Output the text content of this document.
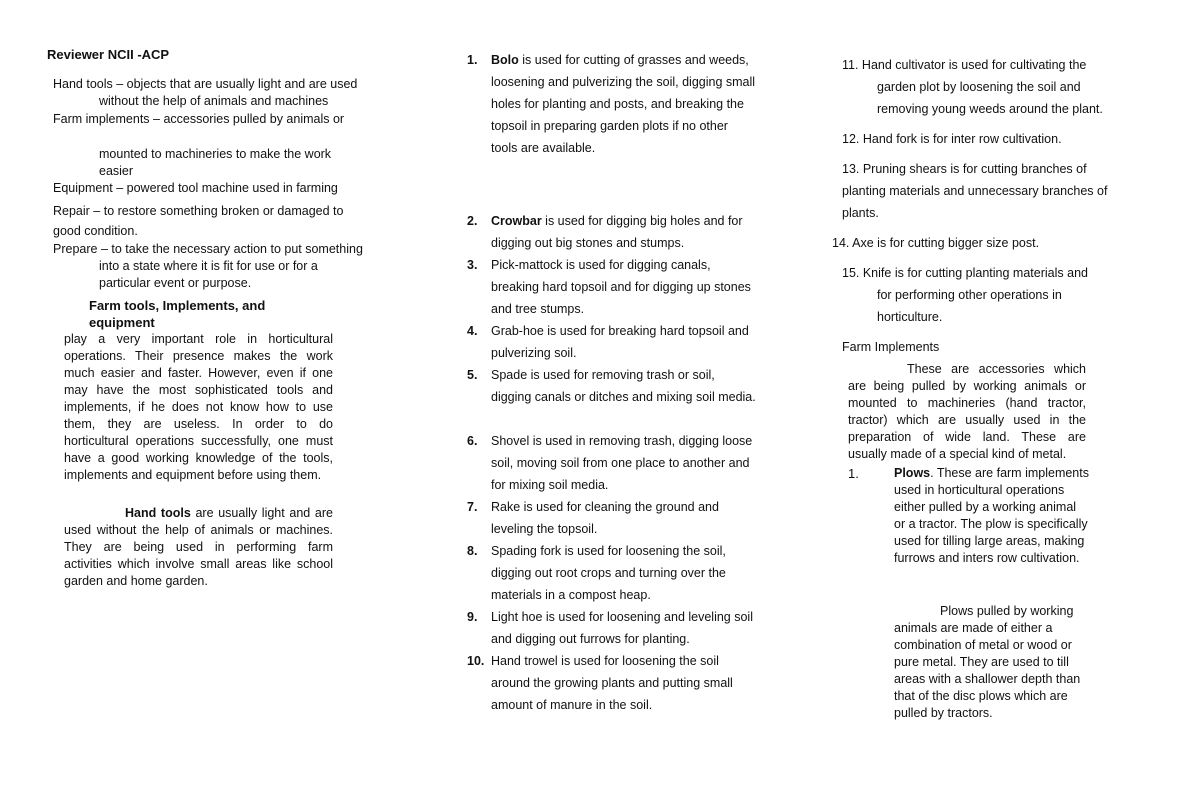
Reviewer NCII -ACP
Hand tools – objects that are usually light and are used
without the help of animals and machines
Farm implements – accessories pulled by animals or
mounted to machineries to make the work easier
Equipment – powered tool machine used in farming
Repair – to restore something broken or damaged to good condition.
Prepare – to take the necessary action to put something
into a state where it is fit for use or for a particular event or purpose.
Farm tools, Implements, and equipment
play a very important role in horticultural operations. Their presence makes the work much easier and faster. However, even if one may have the most sophisticated tools and implements, if he does not know how to use them, they are useless. In order to do horticultural operations successfully, one must have a good working knowledge of the tools, implements and equipment before using them.
Hand tools are usually light and are used without the help of animals or machines. They are being used in performing farm activities which involve small areas like school garden and home garden.
1.	Bolo is used for cutting of grasses and weeds, loosening and pulverizing the soil, digging small holes for planting and posts, and breaking the topsoil in preparing garden plots if no other tools are available.
2.	Crowbar is used for digging big holes and for digging out big stones and stumps.
3.	Pick-mattock is used for digging canals, breaking hard topsoil and for digging up stones and tree stumps.
4.	Grab-hoe is used for breaking hard topsoil and pulverizing soil.
5.	Spade is used for removing trash or soil, digging canals or ditches and mixing soil media.
6.	Shovel is used in removing trash, digging loose soil, moving soil from one place to another and for mixing soil media.
7.	Rake is used for cleaning the ground and leveling the topsoil.
8.	Spading fork is used for loosening the soil, digging out root crops and turning over the materials in a compost heap.
9.	Light hoe is used for loosening and leveling soil and digging out furrows for planting.
10. Hand trowel is used for loosening the soil around the growing plants and putting small amount of manure in the soil.
11. Hand cultivator is used for cultivating the
garden plot by loosening the soil and removing young weeds around the plant.
12. Hand fork is for inter row cultivation.
13. Pruning shears is for cutting branches of planting materials and unnecessary branches of plants.
14. Axe is for cutting bigger size post.
15. Knife is for cutting planting materials and
for performing other operations in horticulture.
Farm Implements
These are accessories which are being pulled by working animals or mounted to machineries (hand tractor, tractor) which are usually used in the preparation of wide land. These are usually made of a special kind of metal.
1.	Plows. These are farm implements used in horticultural operations either pulled by a working animal or a tractor. The plow is specifically used for tilling large areas, making furrows and inters row cultivation.
Plows pulled by working animals are made of either a combination of metal or wood or pure metal. They are used to till areas with a shallower depth than that of the disc plows which are pulled by tractors.
